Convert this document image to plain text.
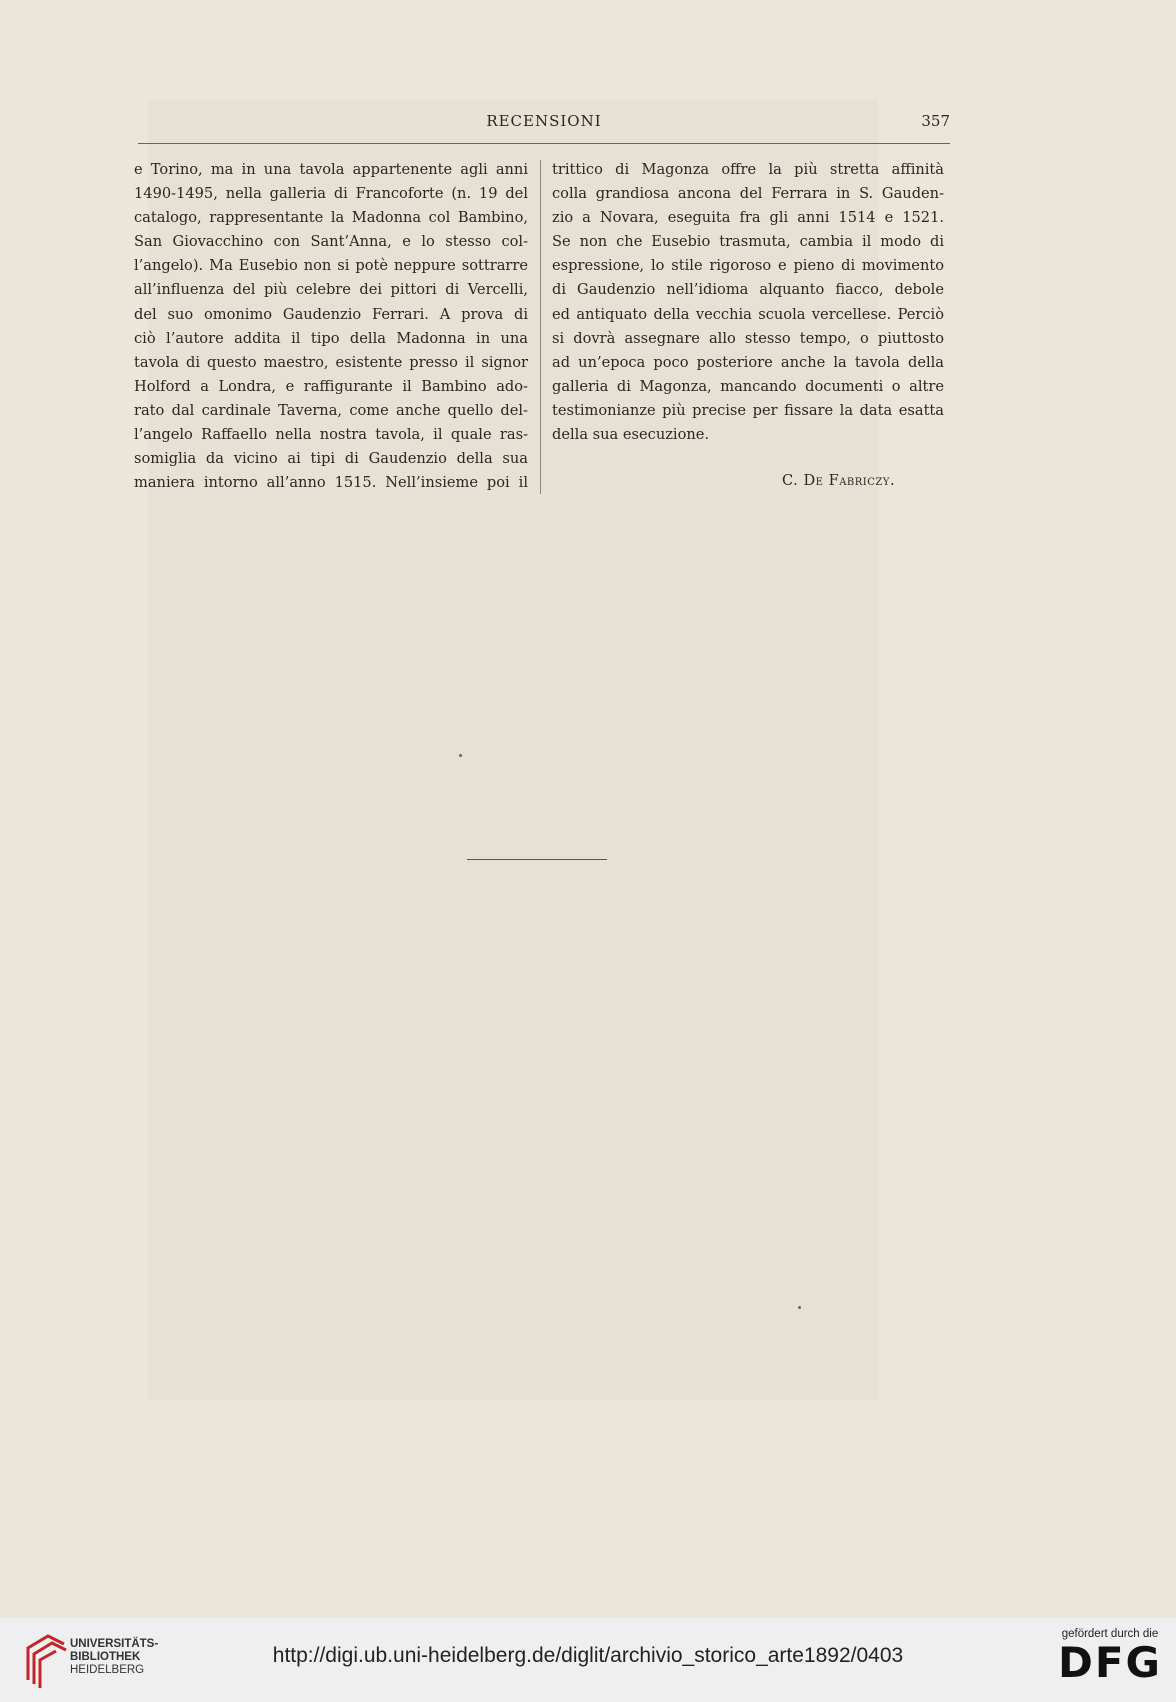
RECENSIONI	357
e Torino, ma in una tavola appartenente agli anni
1490-1495, nella galleria di Francoforte (n. 19 del
catalogo, rappresentante la Madonna col Bambino,
San Giovacchino con Sant’Anna, e lo stesso col-
l’angelo). Ma Eusebio non si potè neppure sottrarre
all’influenza del più celebre dei pittori di Vercelli,
del suo omonimo Gaudenzio Ferrari. A prova di
ciò l’autore addita il tipo della Madonna in una
tavola di questo maestro, esistente presso il signor
Holford a Londra, e raffigurante il Bambino ado-
rato dal cardinale Taverna, come anche quello del-
l’angelo Raffaello nella nostra tavola, il quale ras-
somiglia da vicino ai tipi di Gaudenzio della sua
maniera intorno all’anno 1515. Nell’insieme poi il
trittico di Magonza offre la più stretta affinità
colla grandiosa ancona del Ferrara in S. Gauden-
zio a Novara, eseguita fra gli anni 1514 e 1521.
Se non che Eusebio trasmuta, cambia il modo di
espressione, lo stile rigoroso e pieno di movimento
di Gaudenzio nell’idioma alquanto fiacco, debole
ed antiquato della vecchia scuola vercellese. Perciò
si dovrà assegnare allo stesso tempo, o piuttosto
ad un’epoca poco posteriore anche la tavola della
galleria di Magonza, mancando documenti o altre
testimonianze più precise per fissare la data esatta
della sua esecuzione.
C. De Fabriczy.
UNIVERSITÄTS-
BIBLIOTHEK
HEIDELBERG
http://digi.ub.uni-heidelberg.de/diglit/archivio_storico_arte1892/0403
gefördert durch die
DFG
